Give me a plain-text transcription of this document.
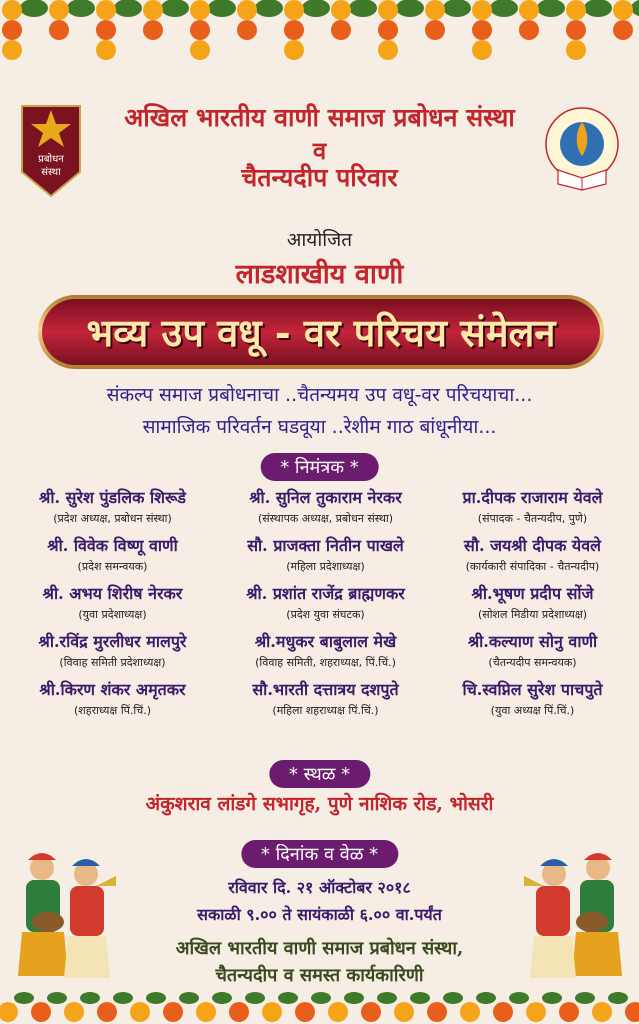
प्रबोधन
संस्था
अखिल भारतीय वाणी समाज प्रबोधन संस्था
व
चैतन्यदीप परिवार
आयोजित
लाडशाखीय वाणी
भव्य उप वधू - वर परिचय संमेलन
संकल्प समाज प्रबोधनाचा ..चैतन्यमय उप वधू-वर परिचयाचा...
सामाजिक परिवर्तन घडवूया ..रेशीम गाठ बांधूनीया...
* निमंत्रक *
श्री. सुरेश पुंडलिक शिरूडे
(प्रदेश अध्यक्ष, प्रबोधन संस्था)
श्री. सुनिल तुकाराम नेरकर
(संस्थापक अध्यक्ष, प्रबोधन संस्था)
प्रा.दीपक राजाराम येवले
(संपादक - चैतन्यदीप, पुणे)
श्री. विवेक विष्णू वाणी
(प्रदेश समन्वयक)
सौ. प्राजक्ता नितीन पाखले
(महिला प्रदेशाध्यक्ष)
सौ. जयश्री दीपक येवले
(कार्यकारी संपादिका - चैतन्यदीप)
श्री. अभय शिरीष नेरकर
(युवा प्रदेशाध्यक्ष)
श्री. प्रशांत राजेंद्र ब्राह्मणकर
(प्रदेश युवा संघटक)
श्री.भूषण प्रदीप सोंजे
(सोशल मिडीया प्रदेशाध्यक्ष)
श्री.रविंद्र मुरलीधर मालपुरे
(विवाह समिती प्रदेशाध्यक्ष)
श्री.मधुकर बाबुलाल मेखे
(विवाह समिती, शहराध्यक्ष, पिं.चिं.)
श्री.कल्याण सोनु वाणी
(चैतन्यदीप समन्वयक)
श्री.किरण शंकर अमृतकर
(शहराध्यक्ष पिं.चिं.)
सौ.भारती दत्तात्रय दशपुते
(महिला शहराध्यक्ष पिं.चिं.)
चि.स्वप्निल सुरेश पाचपुते
(युवा अध्यक्ष पिं.चिं.)
* स्थळ *
अंकुशराव लांडगे सभागृह, पुणे नाशिक रोड, भोसरी
* दिनांक व वेळ *
रविवार दि. २१ ऑक्टोबर २०१८
सकाळी ९.०० ते सायंकाळी ६.०० वा.पर्यंत
अखिल भारतीय वाणी समाज प्रबोधन संस्था,
चैतन्यदीप व समस्त कार्यकारिणी
